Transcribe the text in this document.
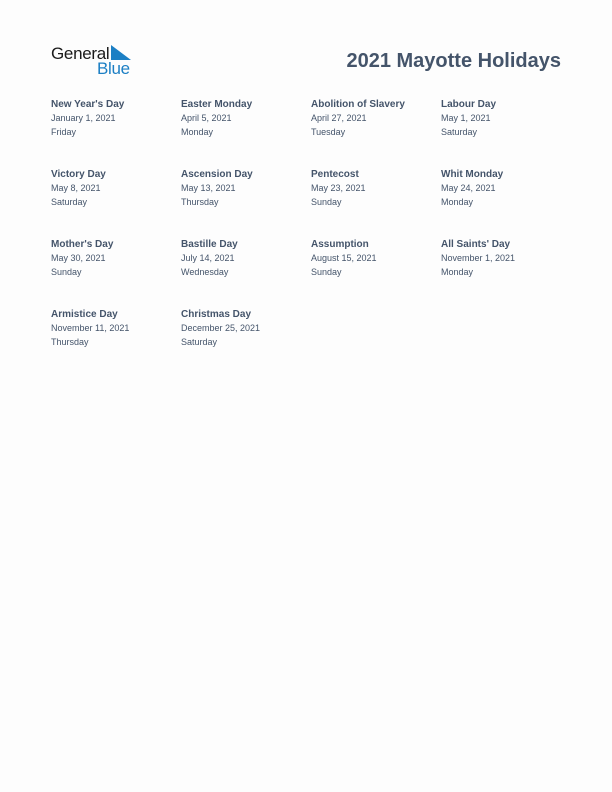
General
Blue	2021 Mayotte Holidays
New Year's Day
January 1, 2021
Friday
Easter Monday
April 5, 2021
Monday
Abolition of Slavery
April 27, 2021
Tuesday
Labour Day
May 1, 2021
Saturday
Victory Day
May 8, 2021
Saturday
Ascension Day
May 13, 2021
Thursday
Pentecost
May 23, 2021
Sunday
Whit Monday
May 24, 2021
Monday
Mother's Day
May 30, 2021
Sunday
Bastille Day
July 14, 2021
Wednesday
Assumption
August 15, 2021
Sunday
All Saints' Day
November 1, 2021
Monday
Armistice Day
November 11, 2021
Thursday
Christmas Day
December 25, 2021
Saturday
